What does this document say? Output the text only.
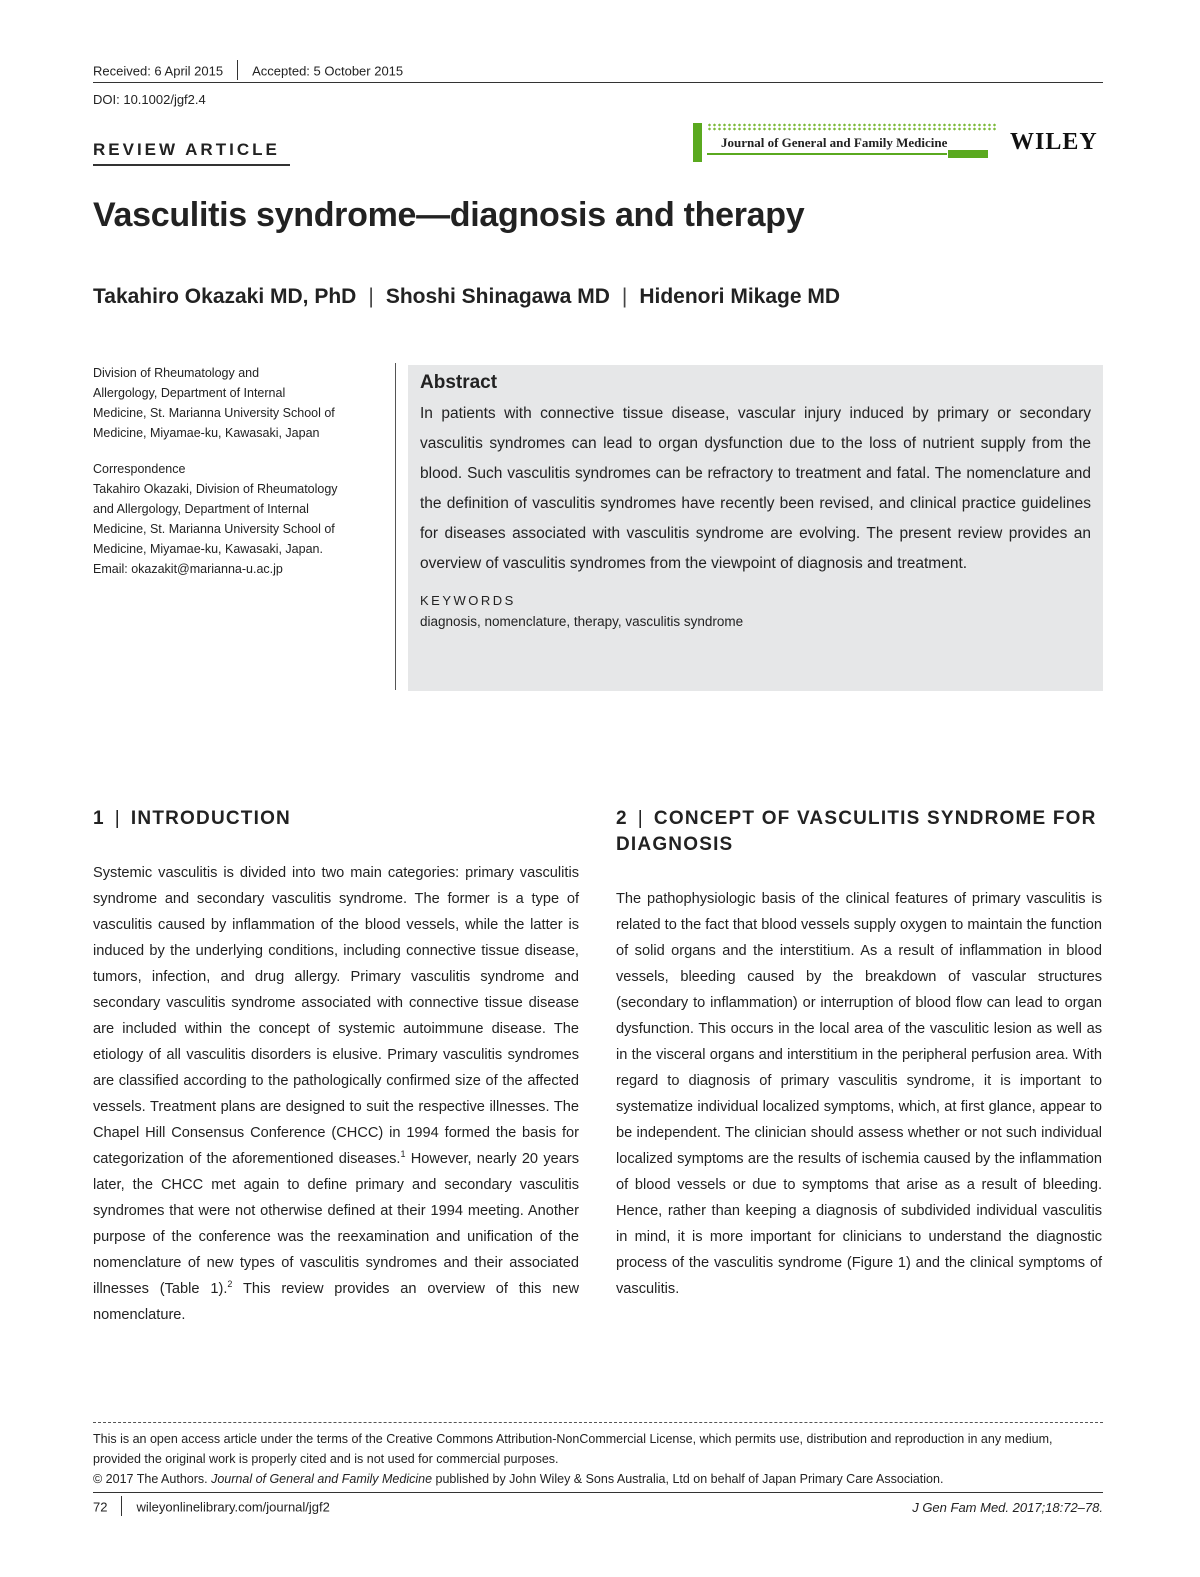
Received: 6 April 2015 Accepted: 5 October 2015
DOI: 10.1002/jgf2.4
REVIEW ARTICLE	Journal of General and Family Medicine	WILEY
Vasculitis syndrome—diagnosis and therapy
Takahiro Okazaki MD, PhD | Shoshi Shinagawa MD | Hidenori Mikage MD
Division of Rheumatology and
Allergology, Department of Internal
Medicine, St. Marianna University School of
Medicine, Miyamae-ku, Kawasaki, Japan
Correspondence
Takahiro Okazaki, Division of Rheumatology
and Allergology, Department of Internal
Medicine, St. Marianna University School of
Medicine, Miyamae-ku, Kawasaki, Japan.
Email: okazakit@marianna-u.ac.jp
Abstract
In patients with connective tissue disease, vascular injury induced by primary or secondary vasculitis syndromes can lead to organ dysfunction due to the loss of nutrient supply from the blood. Such vasculitis syndromes can be refractory to treatment and fatal. The nomenclature and the definition of vasculitis syndromes have recently been revised, and clinical practice guidelines for diseases associated with vasculitis syndrome are evolving. The present review provides an overview of vasculitis syndromes from the viewpoint of diagnosis and treatment.
KEYWORDS
diagnosis, nomenclature, therapy, vasculitis syndrome
1 | INTRODUCTION
Systemic vasculitis is divided into two main categories: primary vasculitis syndrome and secondary vasculitis syndrome. The former is a type of vasculitis caused by inflammation of the blood vessels, while the latter is induced by the underlying conditions, including connective tissue disease, tumors, infection, and drug allergy. Primary vasculitis syndrome and secondary vasculitis syndrome associated with connective tissue disease are included within the concept of systemic autoimmune disease. The etiology of all vasculitis disorders is elusive. Primary vasculitis syndromes are classified according to the pathologically confirmed size of the affected vessels. Treatment plans are designed to suit the respective illnesses. The Chapel Hill Consensus Conference (CHCC) in 1994 formed the basis for categorization of the aforementioned diseases.$^1$ However, nearly 20 years later, the CHCC met again to define primary and secondary vasculitis syndromes that were not otherwise defined at their 1994 meeting. Another purpose of the conference was the reexamination and unification of the nomenclature of new types of vasculitis syndromes and their associated illnesses (Table 1).$^2$ This review provides an overview of this new nomenclature.
2 | CONCEPT OF VASCULITIS SYNDROME FOR DIAGNOSIS
The pathophysiologic basis of the clinical features of primary vasculitis is related to the fact that blood vessels supply oxygen to maintain the function of solid organs and the interstitium. As a result of inflammation in blood vessels, bleeding caused by the breakdown of vascular structures (secondary to inflammation) or interruption of blood flow can lead to organ dysfunction. This occurs in the local area of the vasculitic lesion as well as in the visceral organs and interstitium in the peripheral perfusion area. With regard to diagnosis of primary vasculitis syndrome, it is important to systematize individual localized symptoms, which, at first glance, appear to be independent. The clinician should assess whether or not such individual localized symptoms are the results of ischemia caused by the inflammation of blood vessels or due to symptoms that arise as a result of bleeding. Hence, rather than keeping a diagnosis of subdivided individual vasculitis in mind, it is more important for clinicians to understand the diagnostic process of the vasculitis syndrome (Figure 1) and the clinical symptoms of vasculitis.
This is an open access article under the terms of the Creative Commons Attribution-NonCommercial License, which permits use, distribution and reproduction in any medium, provided the original work is properly cited and is not used for commercial purposes.
© 2017 The Authors. Journal of General and Family Medicine published by John Wiley & Sons Australia, Ltd on behalf of Japan Primary Care Association.
72 wileyonlinelibrary.com/journal/jgf2	J Gen Fam Med. 2017;18:72–78.
